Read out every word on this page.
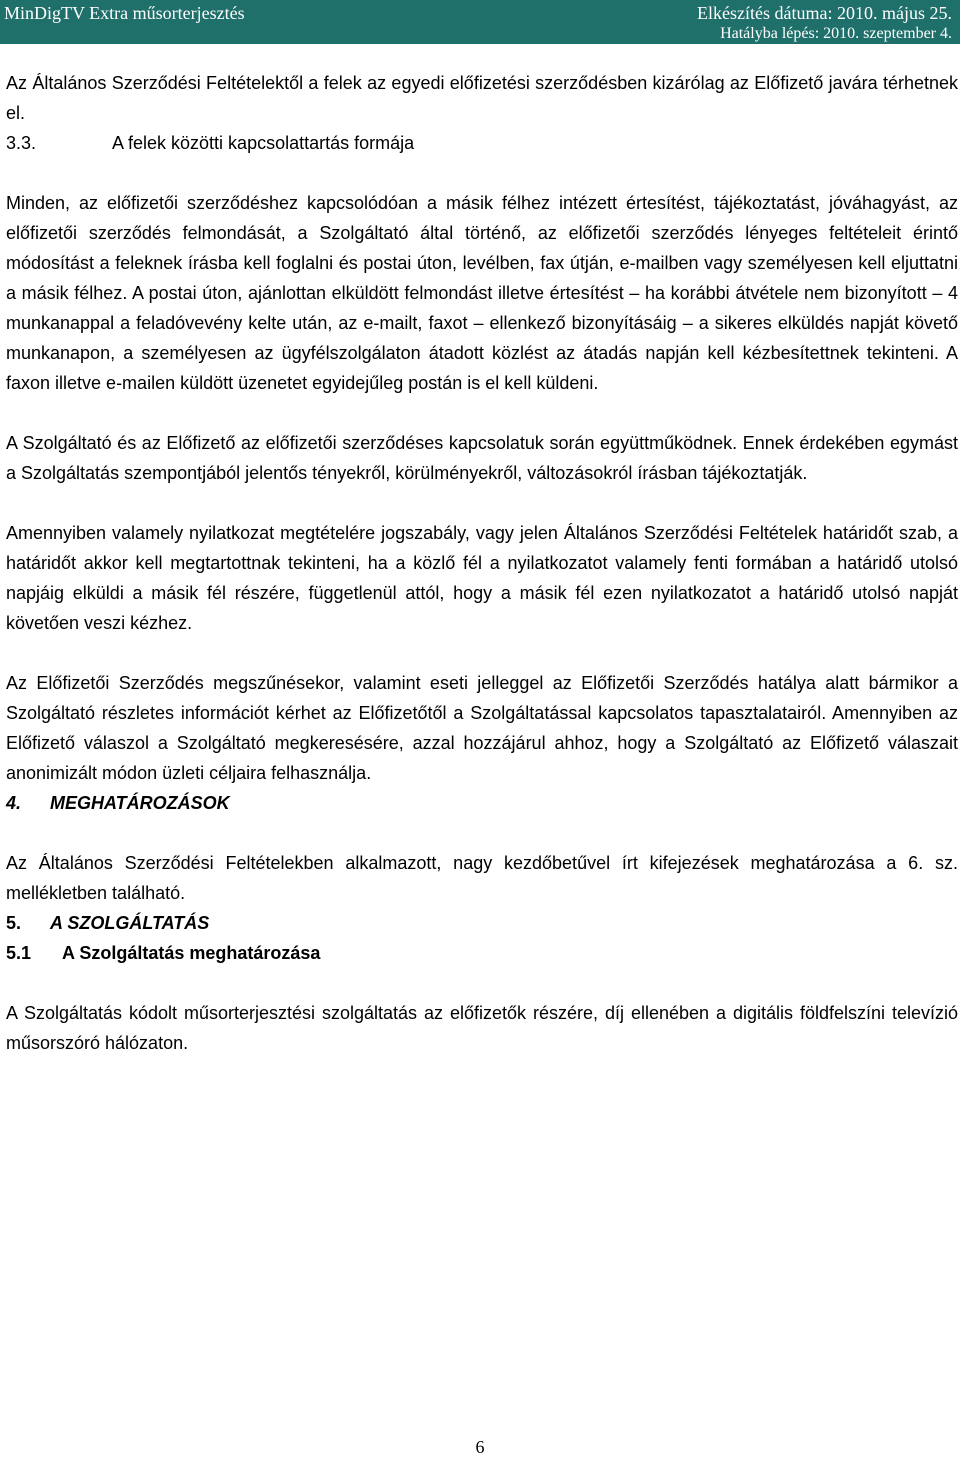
MinDigTV Extra műsorterjesztés	Elkészítés dátuma: 2010. május 25.
Hatályba lépés: 2010. szeptember 4.

Az Általános Szerződési Feltételektől a felek az egyedi előfizetési szerződésben kizárólag az Előfizető javára térhetnek el.

3.3.	A felek közötti kapcsolattartás formája

Minden, az előfizetői szerződéshez kapcsolódóan a másik félhez intézett értesítést, tájékoztatást, jóváhagyást, az előfizetői szerződés felmondását, a Szolgáltató által történő, az előfizetői szerződés lényeges feltételeit érintő módosítást a feleknek írásba kell foglalni és postai úton, levélben, fax útján, e-mailben vagy személyesen kell eljuttatni a másik félhez. A postai úton, ajánlottan elküldött felmondást illetve értesítést – ha korábbi átvétele nem bizonyított – 4 munkanappal a feladóvevény kelte után, az e-mailt, faxot – ellenkező bizonyításáig – a sikeres elküldés napját követő munkanapon, a személyesen az ügyfélszolgálaton átadott közlést az átadás napján kell kézbesítettnek tekinteni. A faxon illetve e-mailen küldött üzenetet egyidejűleg postán is el kell küldeni.

A Szolgáltató és az Előfizető az előfizetői szerződéses kapcsolatuk során együttműködnek. Ennek érdekében egymást a Szolgáltatás szempontjából jelentős tényekről, körülményekről, változásokról írásban tájékoztatják.

Amennyiben valamely nyilatkozat megtételére jogszabály, vagy jelen Általános Szerződési Feltételek határidőt szab, a határidőt akkor kell megtartottnak tekinteni, ha a közlő fél a nyilatkozatot valamely fenti formában a határidő utolsó napjáig elküldi a másik fél részére, függetlenül attól, hogy a másik fél ezen nyilatkozatot a határidő utolsó napját követően veszi kézhez.

Az Előfizetői Szerződés megszűnésekor, valamint eseti jelleggel az Előfizetői Szerződés hatálya alatt bármikor a Szolgáltató részletes információt kérhet az Előfizetőtől a Szolgáltatással kapcsolatos tapasztalatairól. Amennyiben az Előfizető válaszol a Szolgáltató megkeresésére, azzal hozzájárul ahhoz, hogy a Szolgáltató az Előfizető válaszait anonimizált módon üzleti céljaira felhasználja.

4. MEGHATÁROZÁSOK

Az Általános Szerződési Feltételekben alkalmazott, nagy kezdőbetűvel írt kifejezések meghatározása a 6. sz. mellékletben található.

5. A SZOLGÁLTATÁS
5.1 A Szolgáltatás meghatározása

A Szolgáltatás kódolt műsorterjesztési szolgáltatás az előfizetők részére, díj ellenében a digitális földfelszíni televízió műsorszóró hálózaton.

6
